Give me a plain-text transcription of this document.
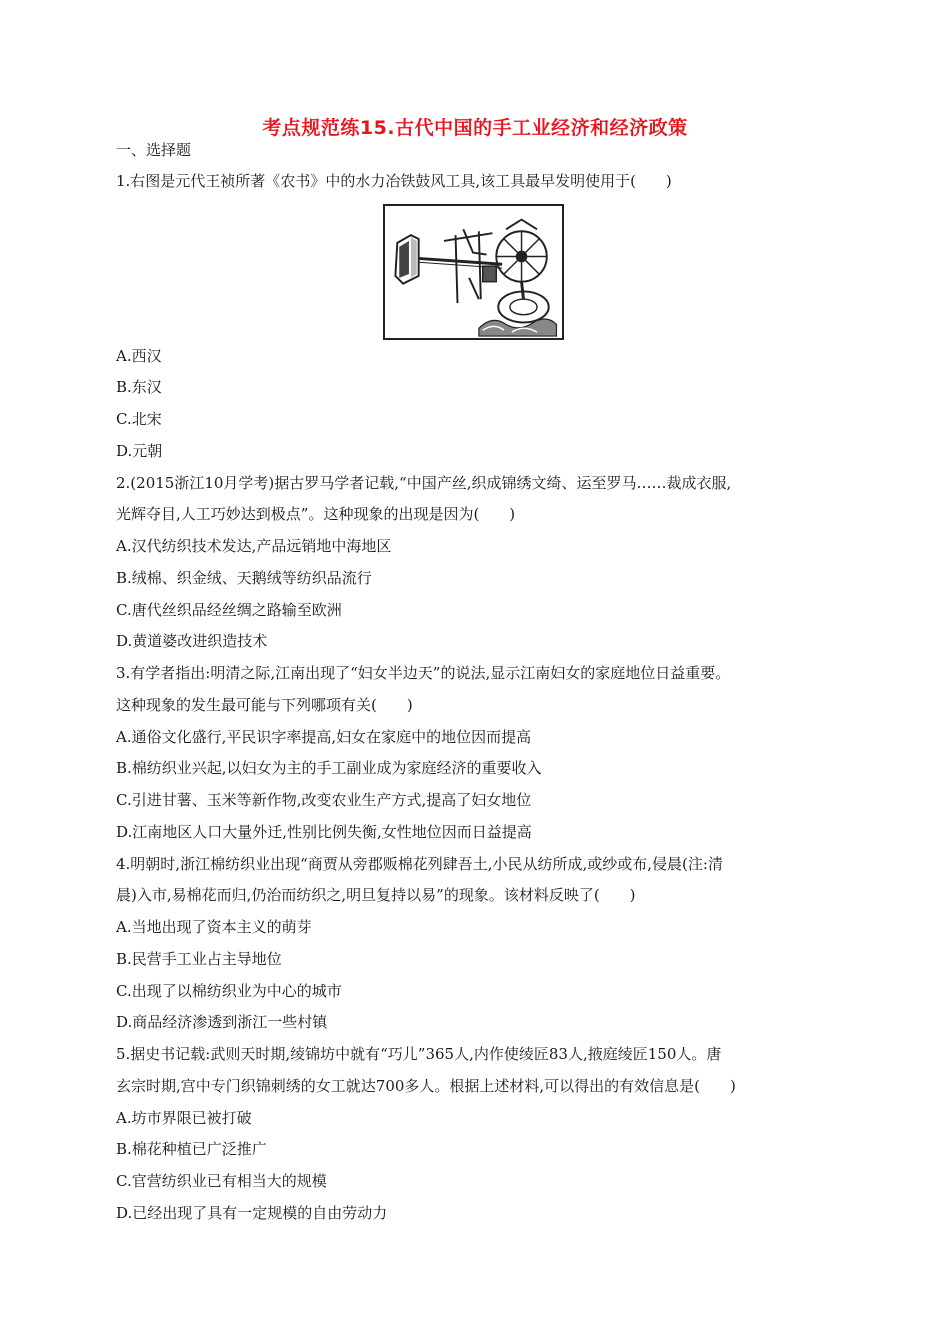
考点规范练15.古代中国的手工业经济和经济政策
一、选择题
1.右图是元代王祯所著《农书》中的水力冶铁鼓风工具,该工具最早发明使用于(　　)
A.西汉
B.东汉
C.北宋
D.元朝
2.(2015浙江10月学考)据古罗马学者记载,“中国产丝,织成锦绣文绮、运至罗马……裁成衣服,
光辉夺目,人工巧妙达到极点”。这种现象的出现是因为(　　)
A.汉代纺织技术发达,产品远销地中海地区
B.绒棉、织金绒、天鹅绒等纺织品流行
C.唐代丝织品经丝绸之路输至欧洲
D.黄道婆改进织造技术
3.有学者指出:明清之际,江南出现了“妇女半边天”的说法,显示江南妇女的家庭地位日益重要。
这种现象的发生最可能与下列哪项有关(　　)
A.通俗文化盛行,平民识字率提高,妇女在家庭中的地位因而提高
B.棉纺织业兴起,以妇女为主的手工副业成为家庭经济的重要收入
C.引进甘薯、玉米等新作物,改变农业生产方式,提高了妇女地位
D.江南地区人口大量外迁,性别比例失衡,女性地位因而日益提高
4.明朝时,浙江棉纺织业出现“商贾从旁郡贩棉花列肆吾土,小民从纺所成,或纱或布,侵晨(注:清
晨)入市,易棉花而归,仍治而纺织之,明旦复持以易”的现象。该材料反映了(　　)
A.当地出现了资本主义的萌芽
B.民营手工业占主导地位
C.出现了以棉纺织业为中心的城市
D.商品经济渗透到浙江一些村镇
5.据史书记载:武则天时期,绫锦坊中就有“巧儿”365人,内作使绫匠83人,掖庭绫匠150人。唐
玄宗时期,宫中专门织锦刺绣的女工就达700多人。根据上述材料,可以得出的有效信息是(　　)
A.坊市界限已被打破
B.棉花种植已广泛推广
C.官营纺织业已有相当大的规模
D.已经出现了具有一定规模的自由劳动力
